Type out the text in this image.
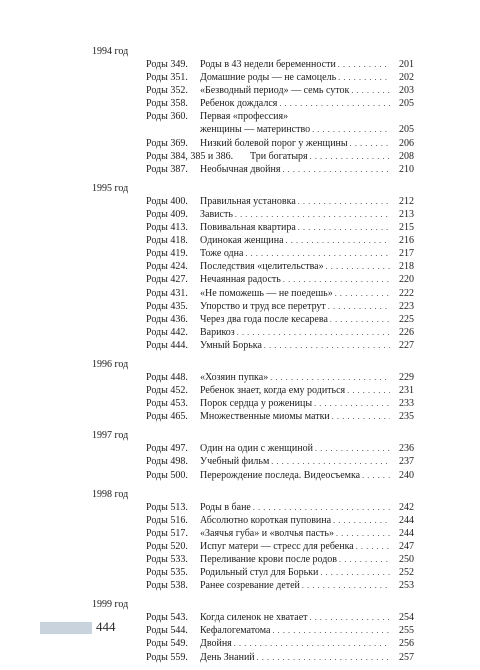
1994 год
Роды 349. Роды в 43 недели беременности . . .	201
Роды 351. Домашние роды — не самоцель . . .	202
Роды 352. «Безводный период» — семь суток . . .	203
Роды 358. Ребенок дождался . . .	205
Роды 360. Первая «профессия»
женщины — материнство . . .	205
Роды 369. Низкий болевой порог у женщины . . .	206
Роды 384, 385 и 386. Три богатыря . . .	208
Роды 387. Необычная двойня . . .	210
1995 год
Роды 400. Правильная установка . . .	212
Роды 409. Зависть . . .	213
Роды 413. Повивальная квартира . . .	215
Роды 418. Одинокая женщина . . .	216
Роды 419. Тоже одна . . .	217
Роды 424. Последствия «целительства» . . .	218
Роды 427. Нечаянная радость . . .	220
Роды 431. «Не поможешь — не поедешь» . . .	222
Роды 435. Упорство и труд все перетрут . . .	223
Роды 436. Через два года после кесарева . . .	225
Роды 442. Варикоз . . .	226
Роды 444. Умный Борька . . .	227
1996 год
Роды 448. «Хозяин пупка» . . .	229
Роды 452. Ребенок знает, когда ему родиться . . .	231
Роды 453. Порок сердца у роженицы . . .	233
Роды 465. Множественные миомы матки . . .	235
1997 год
Роды 497. Один на один с женщиной . . .	236
Роды 498. Учебный фильм . . .	237
Роды 500. Перерождение последа. Видеосъемка . . .	240
1998 год
Роды 513. Роды в бане . . .	242
Роды 516. Абсолютно короткая пуповина . . .	244
Роды 517. «Заячья губа» и «волчья пасть» . . .	244
Роды 520. Испуг матери — стресс для ребенка . . .	247
Роды 533. Переливание крови после родов . . .	250
Роды 535. Родильный стул для Борьки . . .	252
Роды 538. Ранее созревание детей . . .	253
1999 год
Роды 543. Когда силенок не хватает . . .	254
Роды 544. Кефалогематома . . .	255
Роды 549. Двойня . . .	256
Роды 559. День Знаний . . .	257
444
